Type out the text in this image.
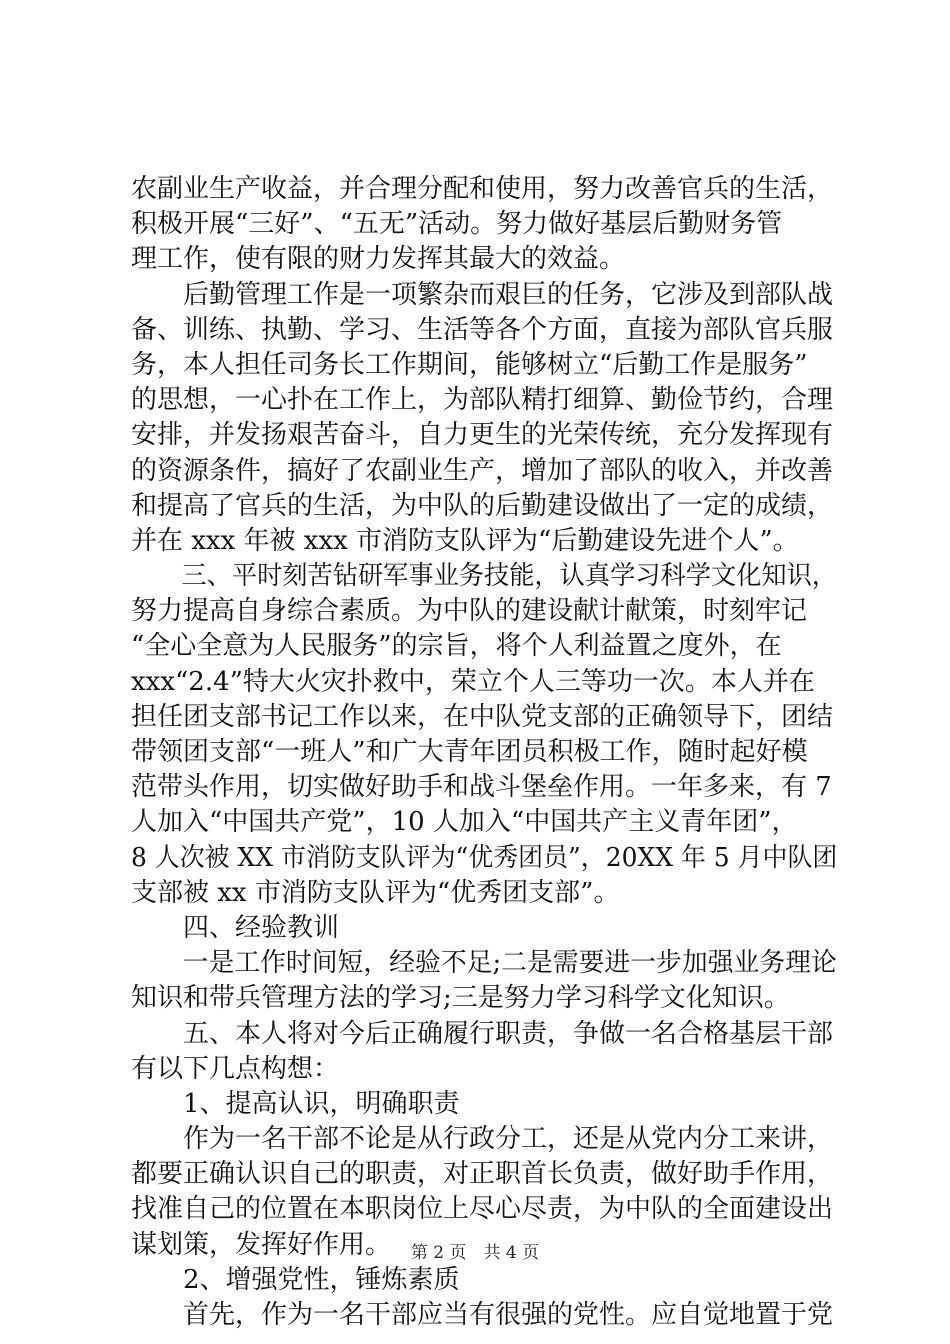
农副业生产收益，并合理分配和使用，努力改善官兵的生活，
积极开展“三好”、“五无”活动。努力做好基层后勤财务管
理工作，使有限的财力发挥其最大的效益。
　　后勤管理工作是一项繁杂而艰巨的任务，它涉及到部队战
备、训练、执勤、学习、生活等各个方面，直接为部队官兵服
务，本人担任司务长工作期间，能够树立“后勤工作是服务”
的思想，一心扑在工作上，为部队精打细算、勤俭节约，合理
安排，并发扬艰苦奋斗，自力更生的光荣传统，充分发挥现有
的资源条件，搞好了农副业生产，增加了部队的收入，并改善
和提高了官兵的生活，为中队的后勤建设做出了一定的成绩，
并在 xxx 年被 xxx 市消防支队评为“后勤建设先进个人”。
　　三、平时刻苦钻研军事业务技能，认真学习科学文化知识，
努力提高自身综合素质。为中队的建设献计献策，时刻牢记
“全心全意为人民服务”的宗旨，将个人利益置之度外，在
xxx“2.4”特大火灾扑救中，荣立个人三等功一次。本人并在
担任团支部书记工作以来，在中队党支部的正确领导下，团结
带领团支部“一班人”和广大青年团员积极工作，随时起好模
范带头作用，切实做好助手和战斗堡垒作用。一年多来，有 7
人加入“中国共产党”，10 人加入“中国共产主义青年团”，
8 人次被 XX 市消防支队评为“优秀团员”，20XX 年 5 月中队团
支部被 xx 市消防支队评为“优秀团支部”。
　　四、经验教训
　　一是工作时间短，经验不足;二是需要进一步加强业务理论
知识和带兵管理方法的学习;三是努力学习科学文化知识。
　　五、本人将对今后正确履行职责，争做一名合格基层干部
有以下几点构想：
　　1、提高认识，明确职责
　　作为一名干部不论是从行政分工，还是从党内分工来讲，
都要正确认识自己的职责，对正职首长负责，做好助手作用，
找准自己的位置在本职岗位上尽心尽责，为中队的全面建设出
谋划策，发挥好作用。
　　2、增强党性，锤炼素质
　　首先，作为一名干部应当有很强的党性。应自觉地置于党
第 2 页　共 4 页
